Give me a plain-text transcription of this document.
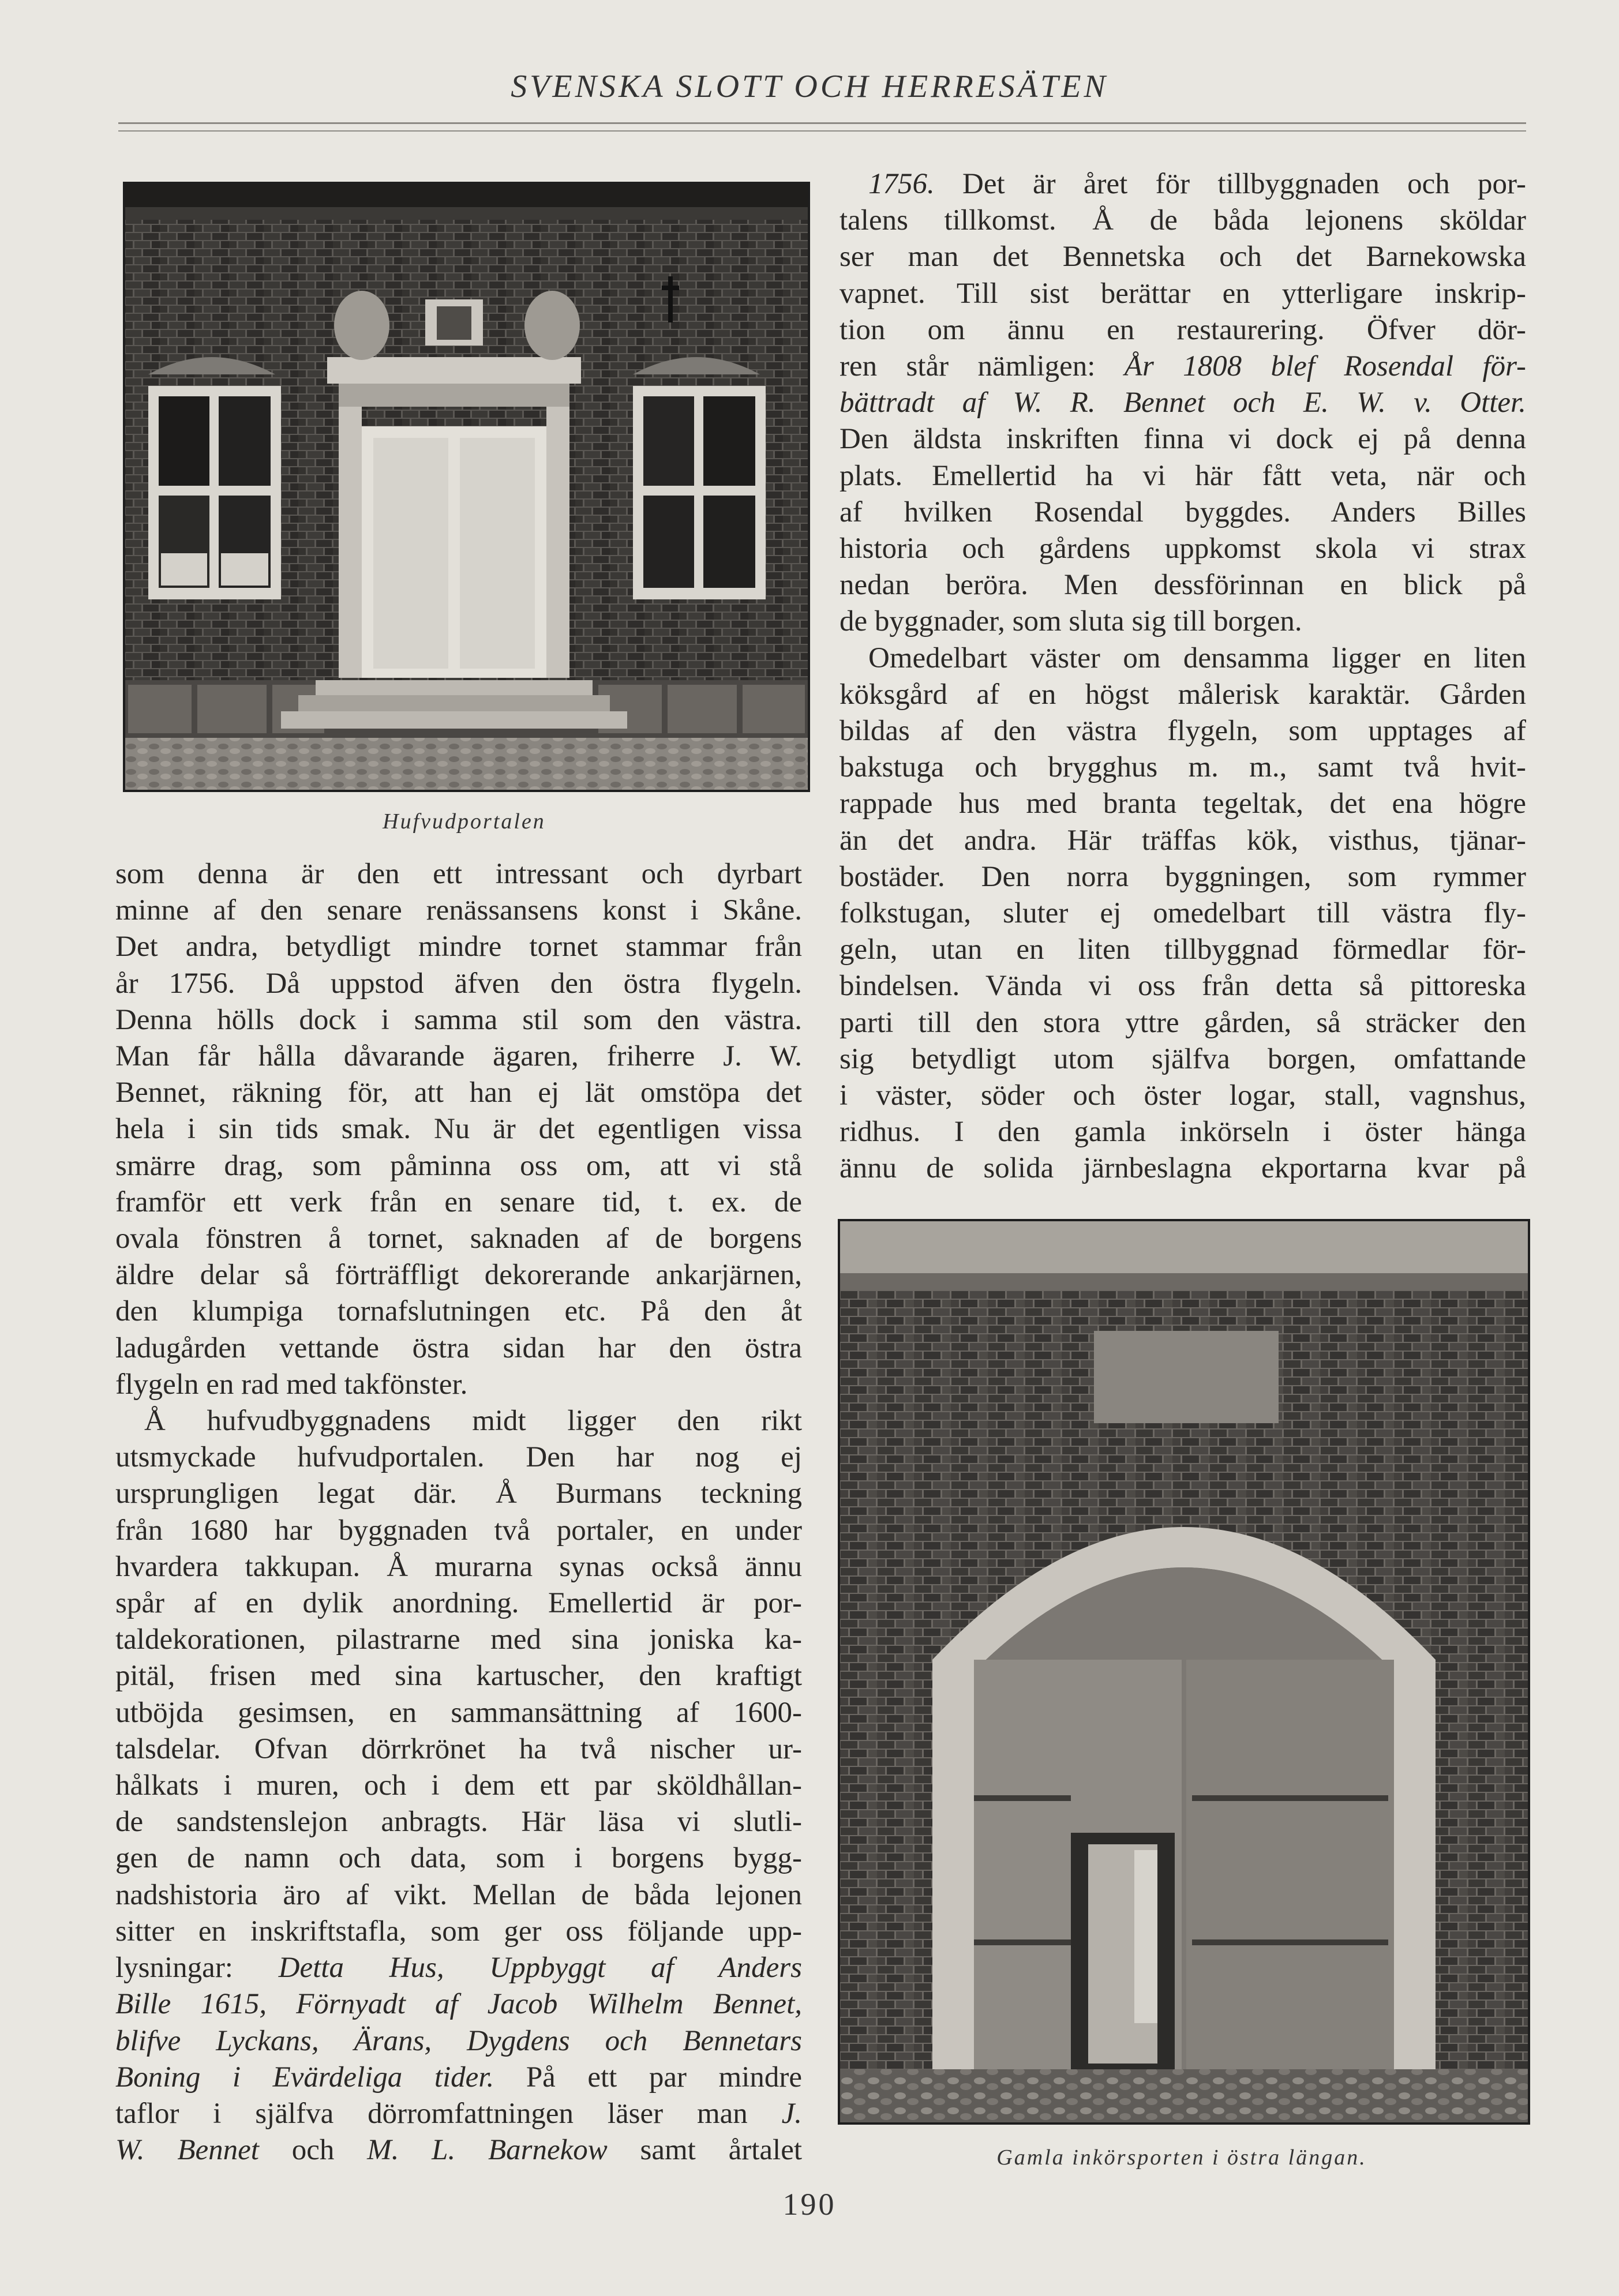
SVENSKA SLOTT OCH HERRESÄTEN
Hufvudportalen
som denna är den ett intressant och dyrbart
minne af den senare renässansens konst i Skåne.
Det andra, betydligt mindre tornet stammar från
år 1756. Då uppstod äfven den östra flygeln.
Denna hölls dock i samma stil som den västra.
Man får hålla dåvarande ägaren, friherre J. W.
Bennet, räkning för, att han ej lät omstöpa det
hela i sin tids smak. Nu är det egentligen vissa
smärre drag, som påminna oss om, att vi stå
framför ett verk från en senare tid, t. ex. de
ovala fönstren å tornet, saknaden af de borgens
äldre delar så förträffligt dekorerande ankarjärnen,
den klumpiga tornafslutningen etc. På den åt
ladugården vettande östra sidan har den östra
flygeln en rad med takfönster.
Å hufvudbyggnadens midt ligger den rikt
utsmyckade hufvudportalen. Den har nog ej
ursprungligen legat där. Å Burmans teckning
från 1680 har byggnaden två portaler, en under
hvardera takkupan. Å murarna synas också ännu
spår af en dylik anordning. Emellertid är por-
taldekorationen, pilastrarne med sina joniska ka-
pitäl, frisen med sina kartuscher, den kraftigt
utböjda gesimsen, en sammansättning af 1600-
talsdelar. Ofvan dörrkrönet ha två nischer ur-
hålkats i muren, och i dem ett par sköldhållan-
de sandstenslejon anbragts. Här läsa vi slutli-
gen de namn och data, som i borgens bygg-
nadshistoria äro af vikt. Mellan de båda lejonen
sitter en inskriftstafla, som ger oss följande upp-
lysningar: Detta Hus, Uppbyggt af Anders
Bille 1615, Förnyadt af Jacob Wilhelm Bennet,
blifve Lyckans, Ärans, Dygdens och Bennetars
Boning i Evärdeliga tider. På ett par mindre
taflor i själfva dörromfattningen läser man J.
W. Bennet och M. L. Barnekow samt årtalet
1756. Det är året för tillbyggnaden och por-
talens tillkomst. Å de båda lejonens sköldar
ser man det Bennetska och det Barnekowska
vapnet. Till sist berättar en ytterligare inskrip-
tion om ännu en restaurering. Öfver dör-
ren står nämligen: År 1808 blef Rosendal för-
bättradt af W. R. Bennet och E. W. v. Otter.
Den äldsta inskriften finna vi dock ej på denna
plats. Emellertid ha vi här fått veta, när och
af hvilken Rosendal byggdes. Anders Billes
historia och gårdens uppkomst skola vi strax
nedan beröra. Men dessförinnan en blick på
de byggnader, som sluta sig till borgen.
Omedelbart väster om densamma ligger en liten
köksgård af en högst målerisk karaktär. Gården
bildas af den västra flygeln, som upptages af
bakstuga och brygghus m. m., samt två hvit-
rappade hus med branta tegeltak, det ena högre
än det andra. Här träffas kök, visthus, tjänar-
bostäder. Den norra byggningen, som rymmer
folkstugan, sluter ej omedelbart till västra fly-
geln, utan en liten tillbyggnad förmedlar för-
bindelsen. Vända vi oss från detta så pittoreska
parti till den stora yttre gården, så sträcker den
sig betydligt utom själfva borgen, omfattande
i väster, söder och öster logar, stall, vagnshus,
ridhus. I den gamla inkörseln i öster hänga
ännu de solida järnbeslagna ekportarna kvar på
Gamla inkörsporten i östra längan.
190
